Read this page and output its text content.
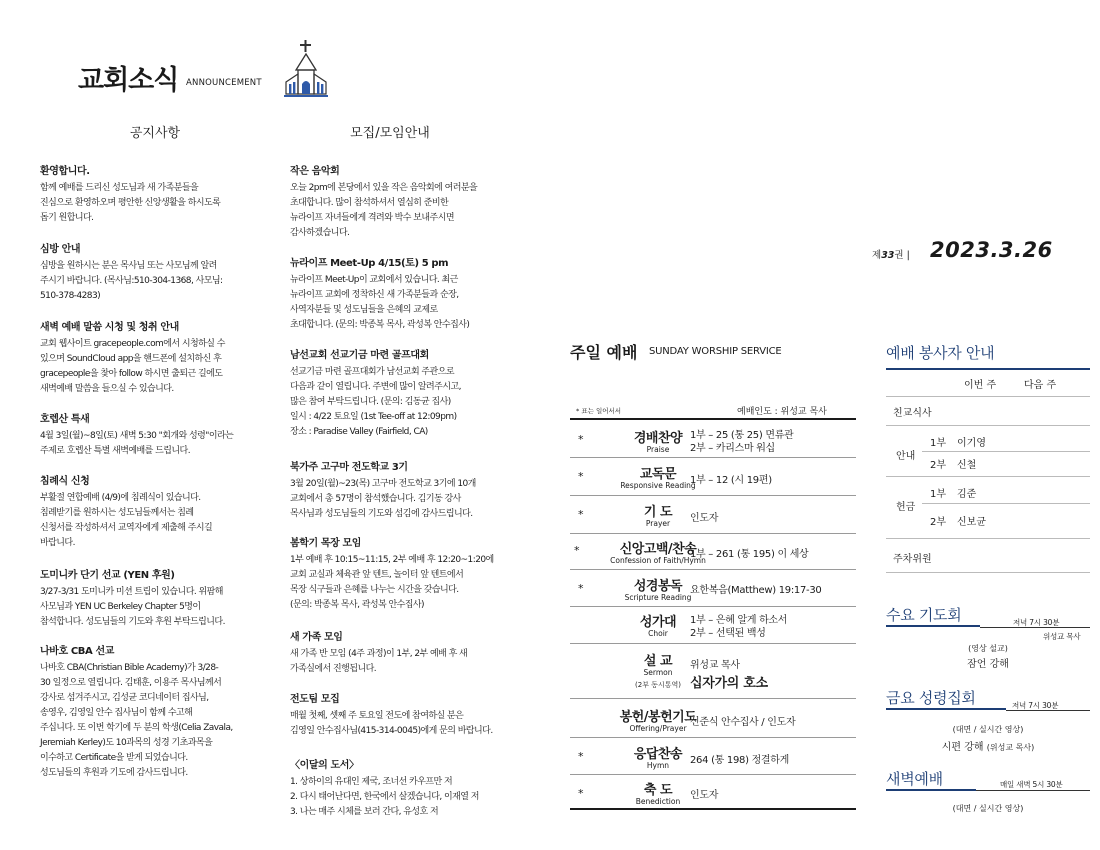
교회소식 ANNOUNCEMENT
공지사항	모집/모임안내
환영합니다.

함께 예배를 드리신 성도님과 새 가족분들을
진심으로 환영하오며 평안한 신앙생활을 하시도록
돕기 원합니다.

심방 안내

심방을 원하시는 분은 목사님 또는 사모님께 알려
주시기 바랍니다. (목사님:510-304-1368, 사모님:
510-378-4283)

새벽 예배 말씀 시청 및 청취 안내

교회 웹사이트 gracepeople.com에서 시청하실 수
있으며 SoundCloud app을 핸드폰에 설치하신 후
gracepeople을 찾아 follow 하시면 출퇴근 길에도
새벽예배 말씀을 들으실 수 있습니다.

호렙산 특새

4월 3일(월)~8일(토) 새벽 5:30 "회개와 성령"이라는
주제로 호렙산 특별 새벽예배를 드립니다.

침례식 신청

부활절 연합예배 (4/9)에 침례식이 있습니다.
침례받기를 원하시는 성도님들께서는 침례
신청서를 작성하셔서 교역자에게 제출해 주시길
바랍니다.

도미니카 단기 선교 (YEN 후원)

3/27-3/31 도미니카 미션 트립이 있습니다. 위팜해
사모님과 YEN UC Berkeley Chapter 5명이
참석합니다. 성도님들의 기도와 후원 부탁드립니다.

나바호 CBA 선교

나바호 CBA(Christian Bible Academy)가 3/28-
30 일정으로 열립니다. 김태훈, 이용주 목사님께서
강사로 섬겨주시고, 김성균 코디네이터 집사님,
송영우, 김영일 안수 집사님이 함께 수고해
주십니다. 또 이번 학기에 두 분의 학생(Celia Zavala,
Jeremiah Kerley)도 10과목의 성경 기초과목을
이수하고 Certificate을 받게 되었습니다.
성도님들의 후원과 기도에 감사드립니다.

작은 음악회

오늘 2pm에 본당에서 있을 작은 음악회에 여러분을
초대합니다. 많이 참석하셔서 열심히 준비한
뉴라이프 자녀들에게 격려와 박수 보내주시면
감사하겠습니다.

뉴라이프 Meet-Up 4/15(토) 5 pm

뉴라이프 Meet-Up이 교회에서 있습니다. 최근
뉴라이프 교회에 정착하신 새 가족분들과 순장,
사역자분들 및 성도님들을 은혜의 교제로
초대합니다. (문의: 박종복 목사, 곽성복 안수집사)

남선교회 선교기금 마련 골프대회

선교기금 마련 골프대회가 남선교회 주관으로
다음과 같이 열립니다. 주변에 많이 알려주시고,
많은 참여 부탁드립니다. (문의: 김동균 집사)
일시 : 4/22 토요일 (1st Tee-off at 12:09pm)
장소 : Paradise Valley (Fairfield, CA)

북가주 고구마 전도학교 3기

3월 20일(월)~23(목) 고구마 전도학교 3기에 10개
교회에서 총 57명이 참석했습니다. 김기동 강사
목사님과 성도님들의 기도와 섬김에 감사드립니다.

봄학기 목장 모임

1부 예배 후 10:15~11:15, 2부 예배 후 12:20~1:20에
교회 교실과 체육관 앞 텐트, 놀이터 앞 텐트에서
목장 식구들과 은혜를 나누는 시간을 갖습니다.
(문의: 박종복 목사, 곽성복 안수집사)

새 가족 모임

새 가족 반 모임 (4주 과정)이 1부, 2부 예배 후 새
가족실에서 진행됩니다.

전도팀 모집

매월 첫째, 셋째 주 토요일 전도에 참여하실 분은
김영일 안수집사님(415-314-0045)에게 문의 바랍니다.

〈이달의 도서〉
1. 상하이의 유대인 제국, 조너선 카우프만 저
2. 다시 태어난다면, 한국에서 살겠습니다, 이재열 저
3. 나는 매주 시체를 보러 간다, 유성호 저
제33권 | 2023.3.26
주일 예배 SUNDAY WORSHIP SERVICE
* 표는 일어서서	예배인도 : 위성교 목사
*	경배찬양
Praise
1부 – 25 (통 25) 면류관
2부 – 카리스마 워십
*	교독문
Responsive Reading
1부 – 12 (시 19편)
*	기 도
Prayer	인도자
*	신앙고백/찬송
Confession of Faith/Hymn
1부 – 261 (통 195) 이 세상
*	성경봉독
Scripture Reading
요한복음(Matthew) 19:17-30
성가대
Choir
1부 – 은혜 알게 하소서
2부 – 선택된 백성
설 교
Sermon
(2부 동시통역)
위성교 목사
십자가의 호소
봉헌/봉헌기도
Offering/Prayer
신준식 안수집사 / 인도자
*	응답찬송
Hymn	264 (통 198) 정결하게
*	축 도
Benediction
인도자
예배 봉사자 안내
이번 주	다음 주
친교식사
안내
1부 이기영
2부 신철
헌금
1부 김준
2부 신보균
주차위원
수요 기도회	저녁 7시 30분
위성교 목사
(영상 설교)
잠언 강해
금요 성령집회	저녁 7시 30분
(대면 / 실시간 영상)
시편 강해 (위성교 목사)
새벽예배	매일 새벽 5시 30분
(대면 / 실시간 영상)
